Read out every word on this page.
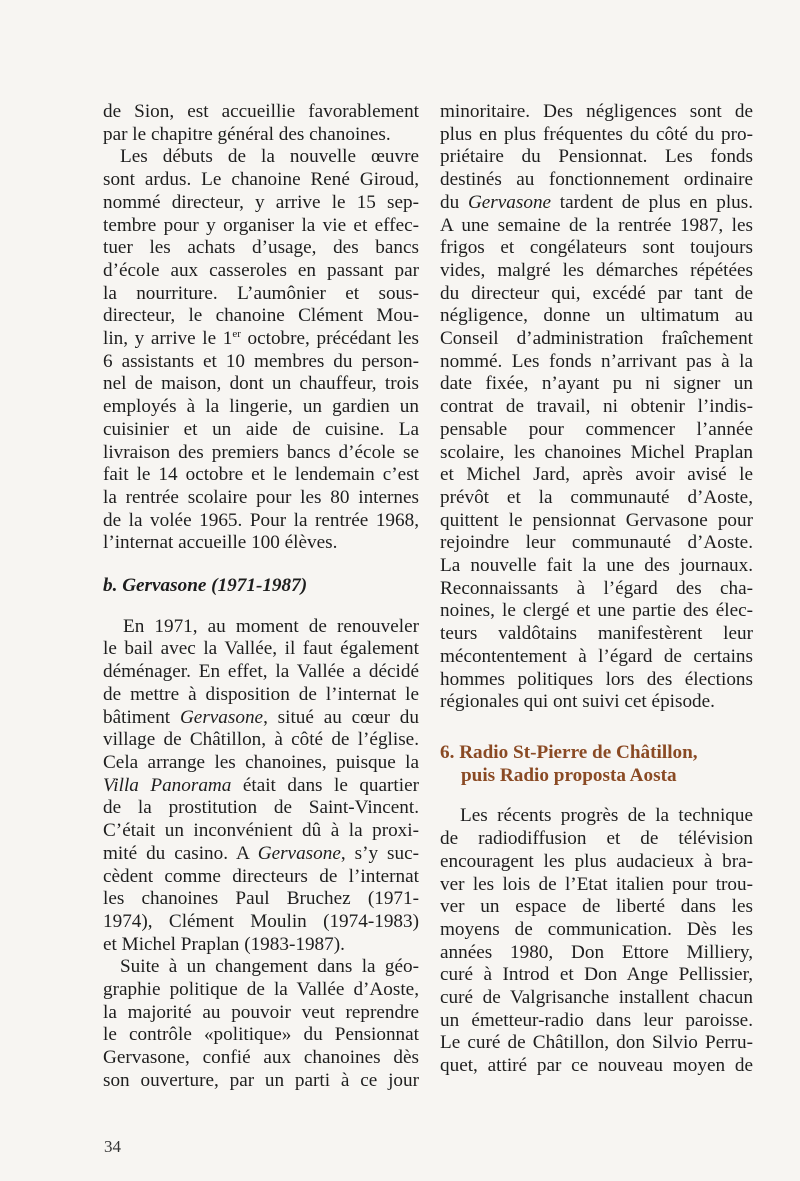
de Sion, est accueillie favorablement
par le chapitre général des chanoines.
Les débuts de la nouvelle œuvre
sont ardus. Le chanoine René Giroud,
nommé directeur, y arrive le 15 sep-
tembre pour y organiser la vie et effec-
tuer les achats d’usage, des bancs
d’école aux casseroles en passant par
la nourriture. L’aumônier et sous-
directeur, le chanoine Clément Mou-
lin, y arrive le 1er octobre, précédant les
6 assistants et 10 membres du person-
nel de maison, dont un chauffeur, trois
employés à la lingerie, un gardien un
cuisinier et un aide de cuisine. La
livraison des premiers bancs d’école se
fait le 14 octobre et le lendemain c’est
la rentrée scolaire pour les 80 internes
de la volée 1965. Pour la rentrée 1968,
l’internat accueille 100 élèves.
b. Gervasone (1971-1987)
En 1971, au moment de renouveler
le bail avec la Vallée, il faut également
déménager. En effet, la Vallée a décidé
de mettre à disposition de l’internat le
bâtiment Gervasone, situé au cœur du
village de Châtillon, à côté de l’église.
Cela arrange les chanoines, puisque la
Villa Panorama était dans le quartier
de la prostitution de Saint-Vincent.
C’était un inconvénient dû à la proxi-
mité du casino. A Gervasone, s’y suc-
cèdent comme directeurs de l’internat
les chanoines Paul Bruchez (1971-
1974), Clément Moulin (1974-1983)
et Michel Praplan (1983-1987).
Suite à un changement dans la géo-
graphie politique de la Vallée d’Aoste,
la majorité au pouvoir veut reprendre
le contrôle «politique» du Pensionnat
Gervasone, confié aux chanoines dès
son ouverture, par un parti à ce jour
minoritaire. Des négligences sont de
plus en plus fréquentes du côté du pro-
priétaire du Pensionnat. Les fonds
destinés au fonctionnement ordinaire
du Gervasone tardent de plus en plus.
A une semaine de la rentrée 1987, les
frigos et congélateurs sont toujours
vides, malgré les démarches répétées
du directeur qui, excédé par tant de
négligence, donne un ultimatum au
Conseil d’administration fraîchement
nommé. Les fonds n’arrivant pas à la
date fixée, n’ayant pu ni signer un
contrat de travail, ni obtenir l’indis-
pensable pour commencer l’année
scolaire, les chanoines Michel Praplan
et Michel Jard, après avoir avisé le
prévôt et la communauté d’Aoste,
quittent le pensionnat Gervasone pour
rejoindre leur communauté d’Aoste.
La nouvelle fait la une des journaux.
Reconnaissants à l’égard des cha-
noines, le clergé et une partie des élec-
teurs valdôtains manifestèrent leur
mécontentement à l’égard de certains
hommes politiques lors des élections
régionales qui ont suivi cet épisode.
6. Radio St-Pierre de Châtillon,
puis Radio proposta Aosta
Les récents progrès de la technique
de radiodiffusion et de télévision
encouragent les plus audacieux à bra-
ver les lois de l’Etat italien pour trou-
ver un espace de liberté dans les
moyens de communication. Dès les
années 1980, Don Ettore Milliery,
curé à Introd et Don Ange Pellissier,
curé de Valgrisanche installent chacun
un émetteur-radio dans leur paroisse.
Le curé de Châtillon, don Silvio Perru-
quet, attiré par ce nouveau moyen de
34
